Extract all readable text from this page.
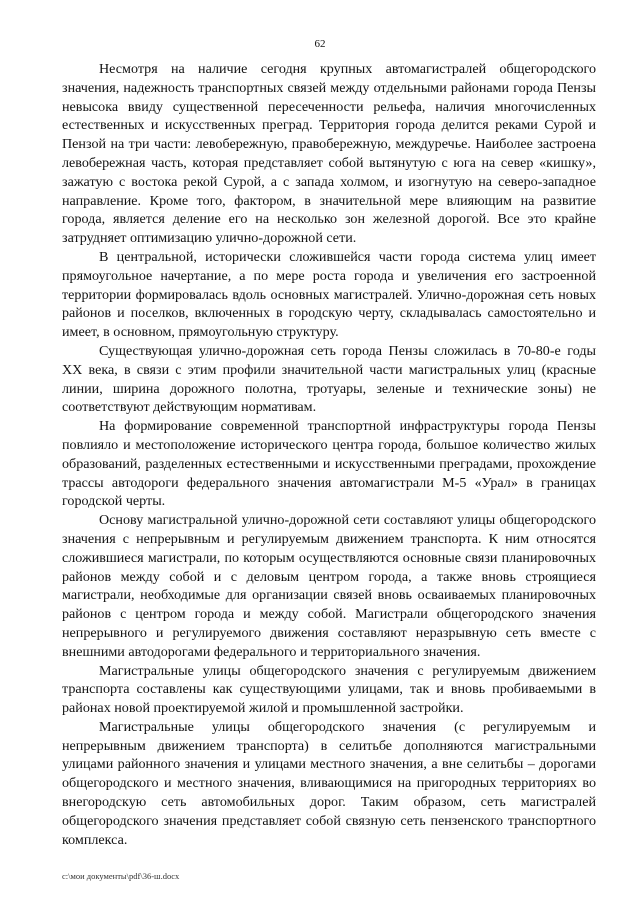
62

Несмотря на наличие сегодня крупных автомагистралей общегородского значения, надежность транспортных связей между отдельными районами города Пензы невысока ввиду существенной пересеченности рельефа, наличия многочисленных естественных и искусственных преград. Территория города делится реками Сурой и Пензой на три части: левобережную, правобережную, междуречье. Наиболее застроена левобережная часть, которая представляет собой вытянутую с юга на север «кишку», зажатую с востока рекой Сурой, а с запада холмом, и изогнутую на северо-западное направление. Кроме того, фактором, в значительной мере влияющим на развитие города, является деление его на несколько зон железной дорогой. Все это крайне затрудняет оптимизацию улично-дорожной сети.

В центральной, исторически сложившейся части города система улиц имеет прямоугольное начертание, а по мере роста города и увеличения его застроенной территории формировалась вдоль основных магистралей. Улично-дорожная сеть новых районов и поселков, включенных в городскую черту, складывалась самостоятельно и имеет, в основном, прямоугольную структуру.

Существующая улично-дорожная сеть города Пензы сложилась в 70-80-е годы XX века, в связи с этим профили значительной части магистральных улиц (красные линии, ширина дорожного полотна, тротуары, зеленые и технические зоны) не соответствуют действующим нормативам.

На формирование современной транспортной инфраструктуры города Пензы повлияло и местоположение исторического центра города, большое количество жилых образований, разделенных естественными и искусственными преградами, прохождение трассы автодороги федерального значения автомагистрали М-5 «Урал» в границах городской черты.

Основу магистральной улично-дорожной сети составляют улицы общегородского значения с непрерывным и регулируемым движением транспорта. К ним относятся сложившиеся магистрали, по которым осуществляются основные связи планировочных районов между собой и с деловым центром города, а также вновь строящиеся магистрали, необходимые для организации связей вновь осваиваемых планировочных районов с центром города и между собой. Магистрали общегородского значения непрерывного и регулируемого движения составляют неразрывную сеть вместе с внешними автодорогами федерального и территориального значения.

Магистральные улицы общегородского значения с регулируемым движением транспорта составлены как существующими улицами, так и вновь пробиваемыми в районах новой проектируемой жилой и промышленной застройки.

Магистральные улицы общегородского значения (с регулируемым и непрерывным движением транспорта) в селитьбе дополняются магистральными улицами районного значения и улицами местного значения, а вне селитьбы – дорогами общегородского и местного значения, вливающимися на пригородных территориях во внегородскую сеть автомобильных дорог. Таким образом, сеть магистралей общегородского значения представляет собой связную сеть пензенского транспортного комплекса.

c:\мои документы\pdf\36-ш.docx
